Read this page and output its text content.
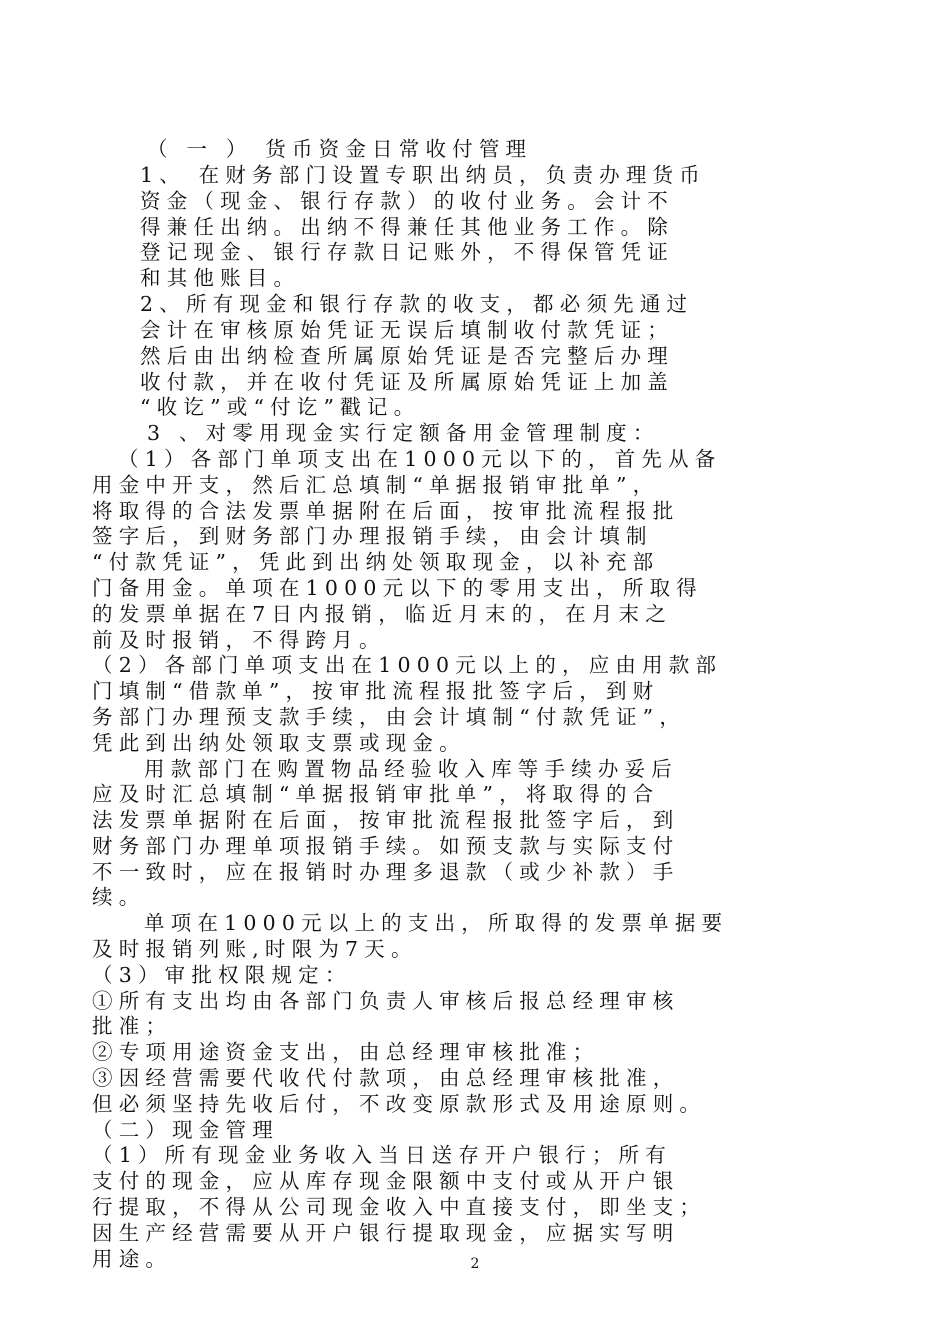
（ 一 ） 货币资金日常收付管理
1、 在财务部门设置专职出纳员，负责办理货币
资金（现金、银行存款）的收付业务。会计不
得兼任出纳。出纳不得兼任其他业务工作。除
登记现金、银行存款日记账外，不得保管凭证
和其他账目。
2、所有现金和银行存款的收支，都必须先通过
会计在审核原始凭证无误后填制收付款凭证；
然后由出纳检查所属原始凭证是否完整后办理
收付款，并在收付凭证及所属原始凭证上加盖
“收讫”或“付讫”戳记。
3 、对零用现金实行定额备用金管理制度：
（1）各部门单项支出在1000元以下的，首先从备
用金中开支，然后汇总填制“单据报销审批单”，
将取得的合法发票单据附在后面，按审批流程报批
签字后，到财务部门办理报销手续，由会计填制
“付款凭证”，凭此到出纳处领取现金，以补充部
门备用金。单项在1000元以下的零用支出，所取得
的发票单据在7日内报销，临近月末的，在月末之
前及时报销，不得跨月。
（2）各部门单项支出在1000元以上的，应由用款部
门填制“借款单”，按审批流程报批签字后，到财
务部门办理预支款手续，由会计填制“付款凭证”，
凭此到出纳处领取支票或现金。
用款部门在购置物品经验收入库等手续办妥后
应及时汇总填制“单据报销审批单”，将取得的合
法发票单据附在后面，按审批流程报批签字后，到
财务部门办理单项报销手续。如预支款与实际支付
不一致时，应在报销时办理多退款（或少补款）手
续。
单项在1000元以上的支出，所取得的发票单据要
及时报销列账,时限为7天。
（3）审批权限规定：
①所有支出均由各部门负责人审核后报总经理审核
批准；
②专项用途资金支出，由总经理审核批准；
③因经营需要代收代付款项，由总经理审核批准，
但必须坚持先收后付，不改变原款形式及用途原则。
（二）现金管理
（1）所有现金业务收入当日送存开户银行；所有
支付的现金，应从库存现金限额中支付或从开户银
行提取，不得从公司现金收入中直接支付，即坐支；
因生产经营需要从开户银行提取现金，应据实写明
用途。	2
